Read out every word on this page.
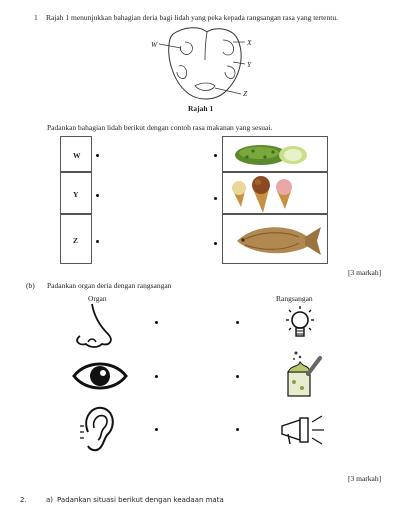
1 Rajah 1 menunjukkan bahagian deria bagi lidah yang peka kepada rangsangan rasa yang tertentu.
W	X
Y
Z
Rajah 1
Padankan bahagian lidah berikut dengan contoh rasa makanan yang sesuai.
W
Y
Z
[3 markah]
(b) Padankan organ deria dengan rangsangan
Organ	Rangsangan
[3 markah]
2.	a) Padankan situasi berikut dengan keadaan mata
